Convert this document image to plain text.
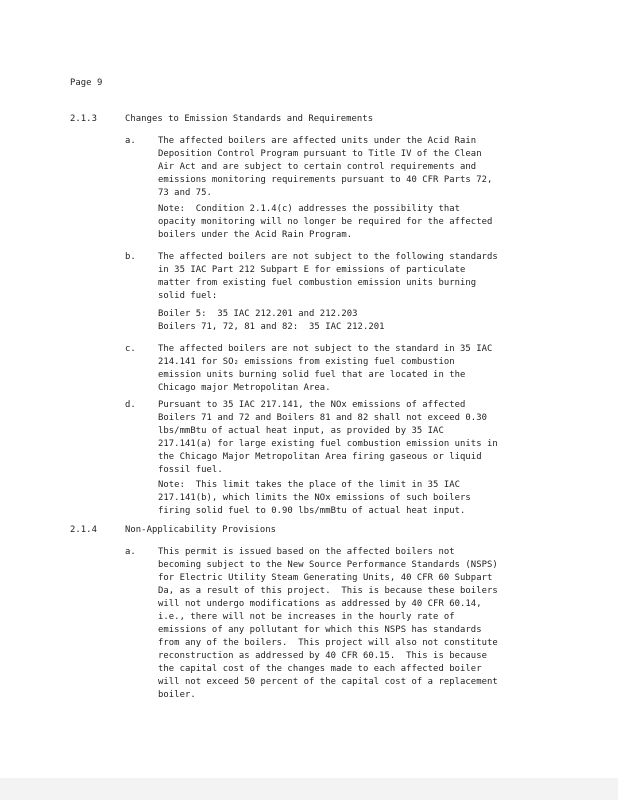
Page 9
2.1.3	Changes to Emission Standards and Requirements
a. The affected boilers are affected units under the Acid Rain
Deposition Control Program pursuant to Title IV of the Clean
Air Act and are subject to certain control requirements and
emissions monitoring requirements pursuant to 40 CFR Parts 72,
73 and 75.
Note:  Condition 2.1.4(c) addresses the possibility that
opacity monitoring will no longer be required for the affected
boilers under the Acid Rain Program.
b. The affected boilers are not subject to the following standards
in 35 IAC Part 212 Subpart E for emissions of particulate
matter from existing fuel combustion emission units burning
solid fuel:
Boiler 5:  35 IAC 212.201 and 212.203
Boilers 71, 72, 81 and 82:  35 IAC 212.201
c. The affected boilers are not subject to the standard in 35 IAC
214.141 for SO₂ emissions from existing fuel combustion
emission units burning solid fuel that are located in the
Chicago major Metropolitan Area.
d. Pursuant to 35 IAC 217.141, the NOx emissions of affected
Boilers 71 and 72 and Boilers 81 and 82 shall not exceed 0.30
lbs/mmBtu of actual heat input, as provided by 35 IAC
217.141(a) for large existing fuel combustion emission units in
the Chicago Major Metropolitan Area firing gaseous or liquid
fossil fuel.
Note:  This limit takes the place of the limit in 35 IAC
217.141(b), which limits the NOx emissions of such boilers
firing solid fuel to 0.90 lbs/mmBtu of actual heat input.
2.1.4	Non-Applicability Provisions
a. This permit is issued based on the affected boilers not
becoming subject to the New Source Performance Standards (NSPS)
for Electric Utility Steam Generating Units, 40 CFR 60 Subpart
Da, as a result of this project.  This is because these boilers
will not undergo modifications as addressed by 40 CFR 60.14,
i.e., there will not be increases in the hourly rate of
emissions of any pollutant for which this NSPS has standards
from any of the boilers.  This project will also not constitute
reconstruction as addressed by 40 CFR 60.15.  This is because
the capital cost of the changes made to each affected boiler
will not exceed 50 percent of the capital cost of a replacement
boiler.
